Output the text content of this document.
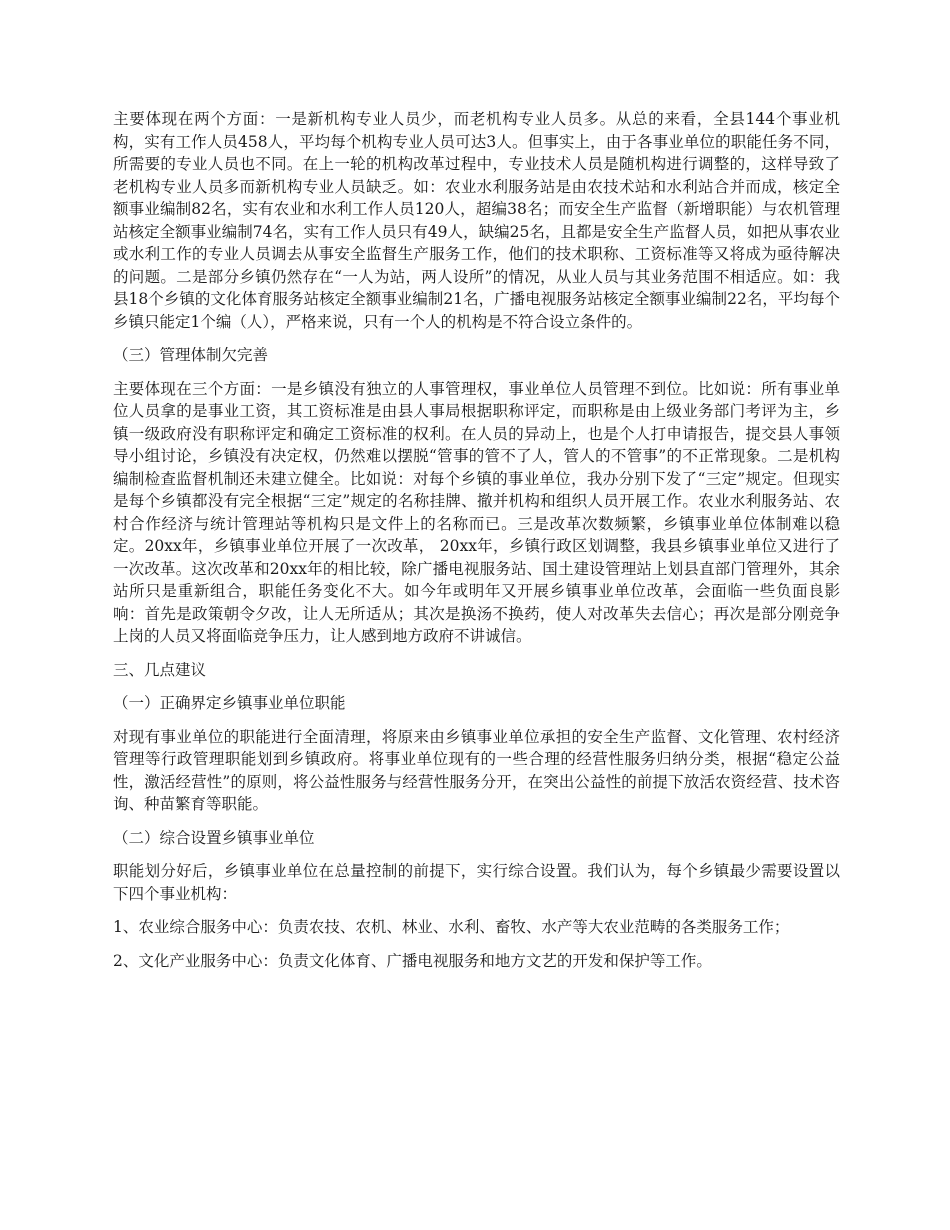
主要体现在两个方面：一是新机构专业人员少，而老机构专业人员多。从总的来看，全县144个事业机构，实有工作人员458人，平均每个机构专业人员可达3人。但事实上，由于各事业单位的职能任务不同，所需要的专业人员也不同。在上一轮的机构改革过程中，专业技术人员是随机构进行调整的，这样导致了老机构专业人员多而新机构专业人员缺乏。如：农业水利服务站是由农技术站和水利站合并而成，核定全额事业编制82名，实有农业和水利工作人员120人，超编38名；而安全生产监督（新增职能）与农机管理站核定全额事业编制74名，实有工作人员只有49人，缺编25名，且都是安全生产监督人员，如把从事农业或水利工作的专业人员调去从事安全监督生产服务工作，他们的技术职称、工资标准等又将成为亟待解决的问题。二是部分乡镇仍然存在“一人为站，两人设所”的情况，从业人员与其业务范围不相适应。如：我县18个乡镇的文化体育服务站核定全额事业编制21名，广播电视服务站核定全额事业编制22名，平均每个乡镇只能定1个编（人），严格来说，只有一个人的机构是不符合设立条件的。

（三）管理体制欠完善

主要体现在三个方面：一是乡镇没有独立的人事管理权，事业单位人员管理不到位。比如说：所有事业单位人员拿的是事业工资，其工资标准是由县人事局根据职称评定，而职称是由上级业务部门考评为主，乡镇一级政府没有职称评定和确定工资标准的权利。在人员的异动上，也是个人打申请报告，提交县人事领导小组讨论，乡镇没有决定权，仍然难以摆脱“管事的管不了人，管人的不管事”的不正常现象。二是机构编制检查监督机制还未建立健全。比如说：对每个乡镇的事业单位，我办分别下发了“三定”规定。但现实是每个乡镇都没有完全根据“三定”规定的名称挂牌、撤并机构和组织人员开展工作。农业水利服务站、农村合作经济与统计管理站等机构只是文件上的名称而已。三是改革次数频繁，乡镇事业单位体制难以稳定。20xx年，乡镇事业单位开展了一次改革， 20xx年，乡镇行政区划调整，我县乡镇事业单位又进行了一次改革。这次改革和20xx年的相比较，除广播电视服务站、国土建设管理站上划县直部门管理外，其余站所只是重新组合，职能任务变化不大。如今年或明年又开展乡镇事业单位改革，会面临一些负面良影响：首先是政策朝令夕改，让人无所适从；其次是换汤不换药，使人对改革失去信心；再次是部分刚竞争上岗的人员又将面临竞争压力，让人感到地方政府不讲诚信。

三、几点建议

（一）正确界定乡镇事业单位职能

对现有事业单位的职能进行全面清理，将原来由乡镇事业单位承担的安全生产监督、文化管理、农村经济管理等行政管理职能划到乡镇政府。将事业单位现有的一些合理的经营性服务归纳分类，根据“稳定公益性，激活经营性”的原则，将公益性服务与经营性服务分开，在突出公益性的前提下放活农资经营、技术咨询、种苗繁育等职能。

（二）综合设置乡镇事业单位

职能划分好后，乡镇事业单位在总量控制的前提下，实行综合设置。我们认为，每个乡镇最少需要设置以下四个事业机构：

1、农业综合服务中心：负责农技、农机、林业、水利、畜牧、水产等大农业范畴的各类服务工作；

2、文化产业服务中心：负责文化体育、广播电视服务和地方文艺的开发和保护等工作。
